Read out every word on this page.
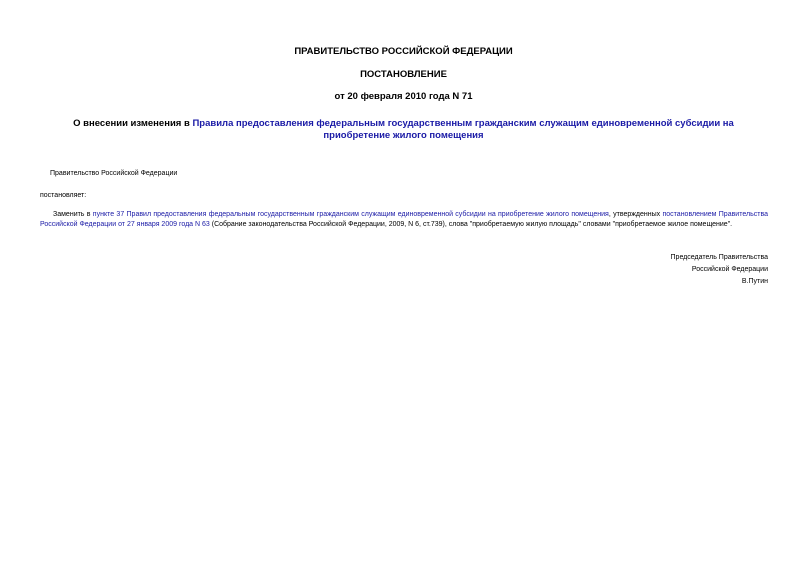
ПРАВИТЕЛЬСТВО РОССИЙСКОЙ ФЕДЕРАЦИИ
ПОСТАНОВЛЕНИЕ
от 20 февраля 2010 года N 71
О внесении изменения в Правила предоставления федеральным государственным гражданским служащим единовременной субсидии на приобретение жилого помещения
Правительство Российской Федерации
постановляет:
Заменить в пункте 37 Правил предоставления федеральным государственным гражданским служащим единовременной субсидии на приобретение жилого помещения, утвержденных постановлением Правительства Российской Федерации от 27 января 2009 года N 63 (Собрание законодательства Российской Федерации, 2009, N 6, ст.739), слова "приобретаемую жилую площадь" словами "приобретаемое жилое помещение".
Председатель Правительства
Российской Федерации
В.Путин
